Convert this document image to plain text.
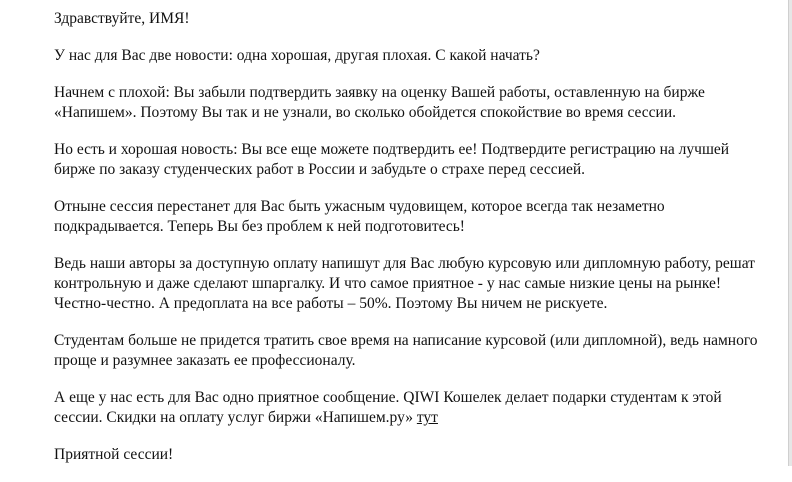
Здравствуйте, ИМЯ!

У нас для Вас две новости: одна хорошая, другая плохая. С какой начать?

Начнем с плохой: Вы забыли подтвердить заявку на оценку Вашей работы, оставленную на бирже «Напишем». Поэтому Вы так и не узнали, во сколько обойдется спокойствие во время сессии.

Но есть и хорошая новость: Вы все еще можете подтвердить ее! Подтвердите регистрацию на лучшей бирже по заказу студенческих работ в России и забудьте о страхе перед сессией.

Отныне сессия перестанет для Вас быть ужасным чудовищем, которое всегда так незаметно подкрадывается. Теперь Вы без проблем к ней подготовитесь!

Ведь наши авторы за доступную оплату напишут для Вас любую курсовую или дипломную работу, решат контрольную и даже сделают шпаргалку. И что самое приятное - у нас самые низкие цены на рынке! Честно-честно. А предоплата на все работы – 50%. Поэтому Вы ничем не рискуете.

Студентам больше не придется тратить свое время на написание курсовой (или дипломной), ведь намного проще и разумнее заказать ее профессионалу.

А еще у нас есть для Вас одно приятное сообщение. QIWI Кошелек делает подарки студентам к этой сессии. Скидки на оплату услуг биржи «Напишем.ру» тут

Приятной сессии!
